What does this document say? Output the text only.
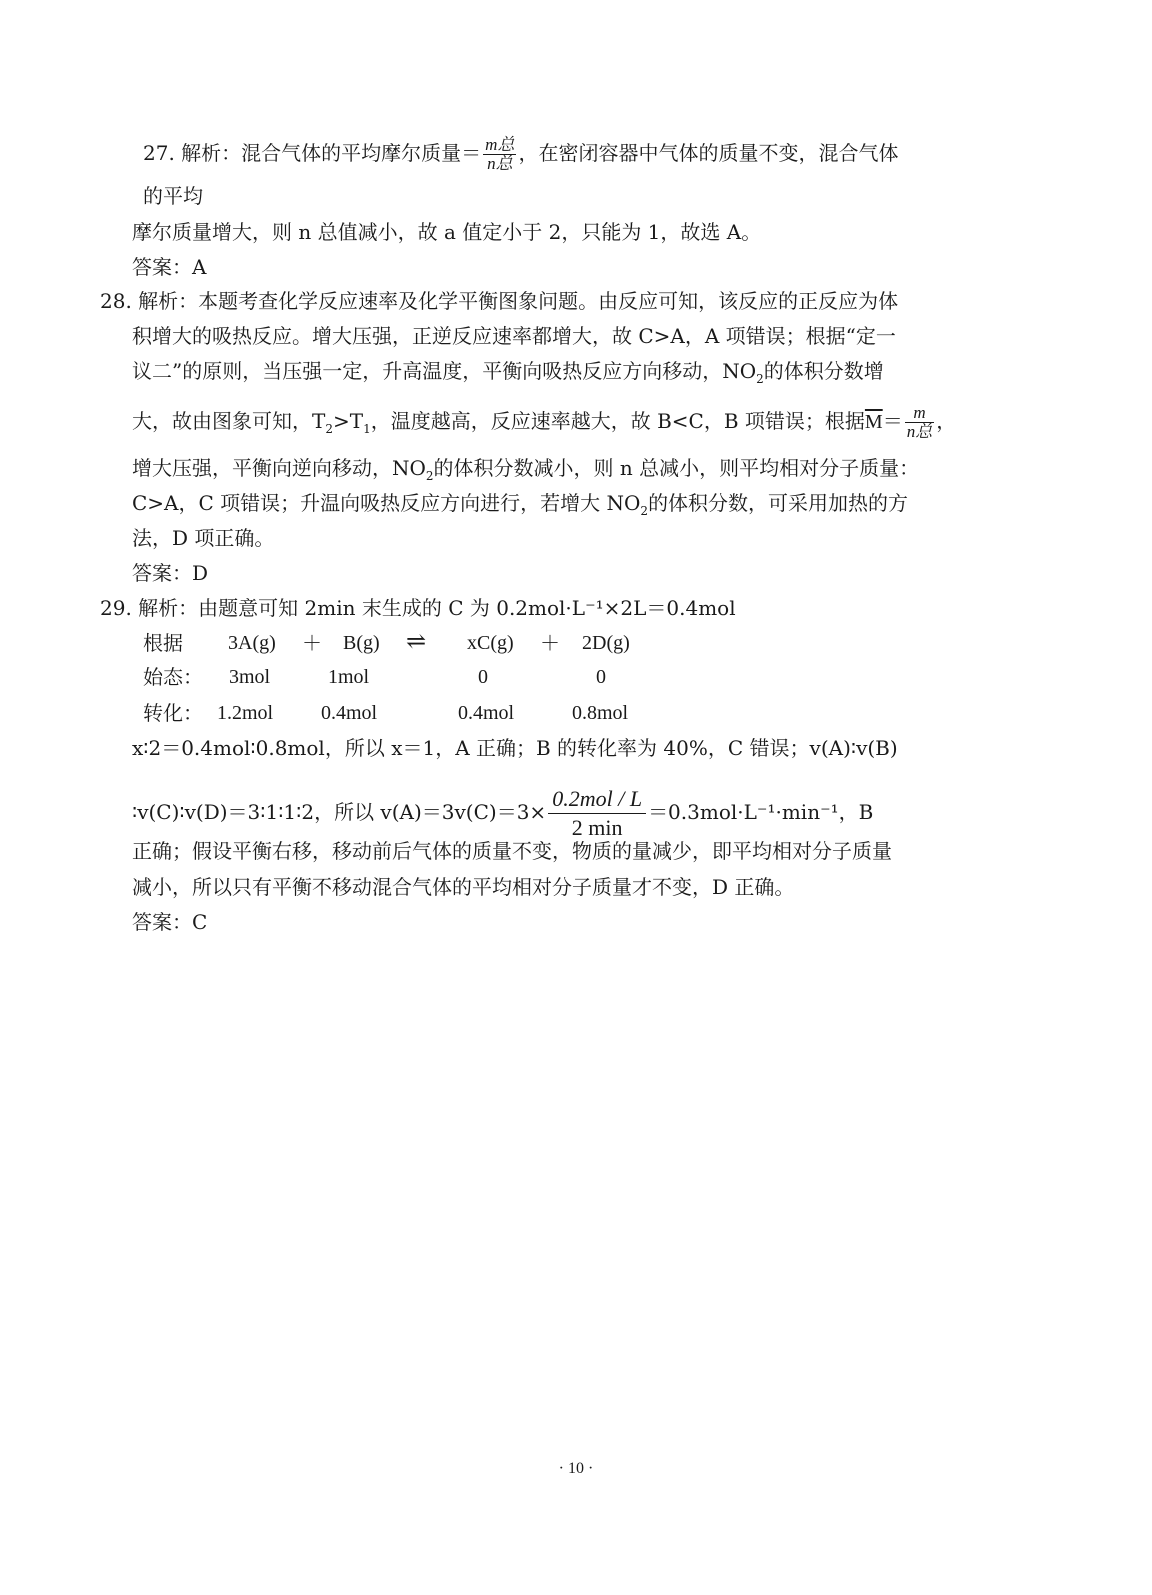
27. 解析：混合气体的平均摩尔质量＝ $\frac{\text{m总}}{\text{n总}}$ ，在密闭容器中气体的质量不变，混合气体
的平均
摩尔质量增大，则 n 总值减小，故 a 值定小于 2，只能为 1，故选 A。
答案：A
28. 解析：本题考查化学反应速率及化学平衡图象问题。由反应可知，该反应的正反应为体
积增大的吸热反应。增大压强，正逆反应速率都增大，故 C>A，A 项错误；根据“定一
议二”的原则，当压强一定，升高温度，平衡向吸热反应方向移动，$NO_2$的体积分数增
大，故由图象可知，$T_2>T_1$，温度越高，反应速率越大，故 B<C，B 项错误；根据$\overline{M}= \frac{m}{\text{n总}}$ ，
增大压强，平衡向逆向移动，$NO_2$的体积分数减小，则 n 总减小，则平均相对分子质量：
C>A，C 项错误；升温向吸热反应方向进行，若增大 $NO_2$的体积分数，可采用加热的方
法，D 项正确。
答案：D
29. 解析：由题意可知 2min 末生成的 C 为 0.2mol·L⁻¹×2L＝0.4mol
根据 3A(g) ＋ B(g) ⇌ xC(g) ＋ 2D(g)
始态： 3mol	1mol	0	0
转化： 1.2mol 0.4mol	0.4mol	0.8mol
x∶2＝0.4mol∶0.8mol，所以 x＝1，A 正确；B 的转化率为 40%，C 错误；v(A)∶v(B)
∶v(C)∶v(D)＝3∶1∶1∶2，所以 $v(A)=3v(C)=3\times \frac{\text{0.2mol / L}}{2 \min} =0.3mol\cdot L^{-1}\cdot\min^{-1}$，B
正确；假设平衡右移，移动前后气体的质量不变，物质的量减少，即平均相对分子质量
减小，所以只有平衡不移动混合气体的平均相对分子质量才不变，D 正确。
答案：C
· 10 ·
